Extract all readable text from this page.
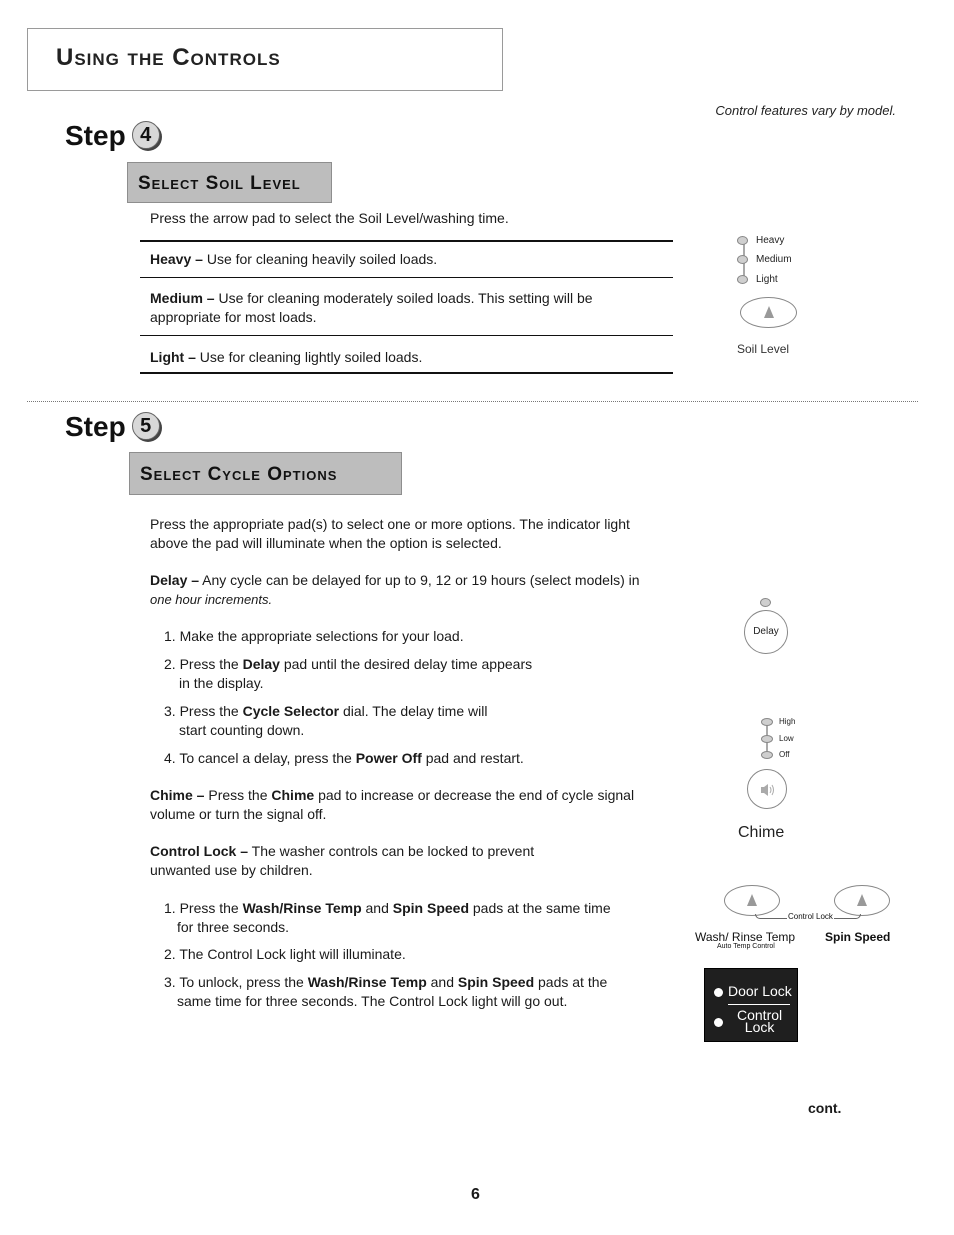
Using the Controls
Control features vary by model.
Step 4
Select Soil Level
Press the arrow pad to select the Soil Level/washing time.
Heavy – Use for cleaning heavily soiled loads.
Medium – Use for cleaning moderately soiled loads. This setting will be appropriate for most loads.
Light – Use for cleaning lightly soiled loads.
Heavy
Medium
Light
Soil Level
Step 5
Select Cycle Options
Press the appropriate pad(s) to select one or more options. The indicator light above the pad will illuminate when the option is selected.
Delay – Any cycle can be delayed for up to 9, 12 or 19 hours (select models) in
one hour increments.
1. Make the appropriate selections for your load.
2. Press the Delay pad until the desired delay time appears
in the display.
3. Press the Cycle Selector dial. The delay time will
start counting down.
4. To cancel a delay, press the Power Off pad and restart.
Delay
Chime – Press the Chime pad to increase or decrease the end of cycle signal
volume or turn the signal off.
High
Low
Off
Chime
Control Lock – The washer controls can be locked to prevent
unwanted use by children.
1. Press the Wash/Rinse Temp and Spin Speed pads at the same time
for three seconds.
2. The Control Lock light will illuminate.
3. To unlock, press the Wash/Rinse Temp and Spin Speed pads at the
same time for three seconds. The Control Lock light will go out.
Control Lock
Wash/ Rinse Temp
Auto Temp Control
Spin Speed
Door Lock
Control
Lock
cont.
6
